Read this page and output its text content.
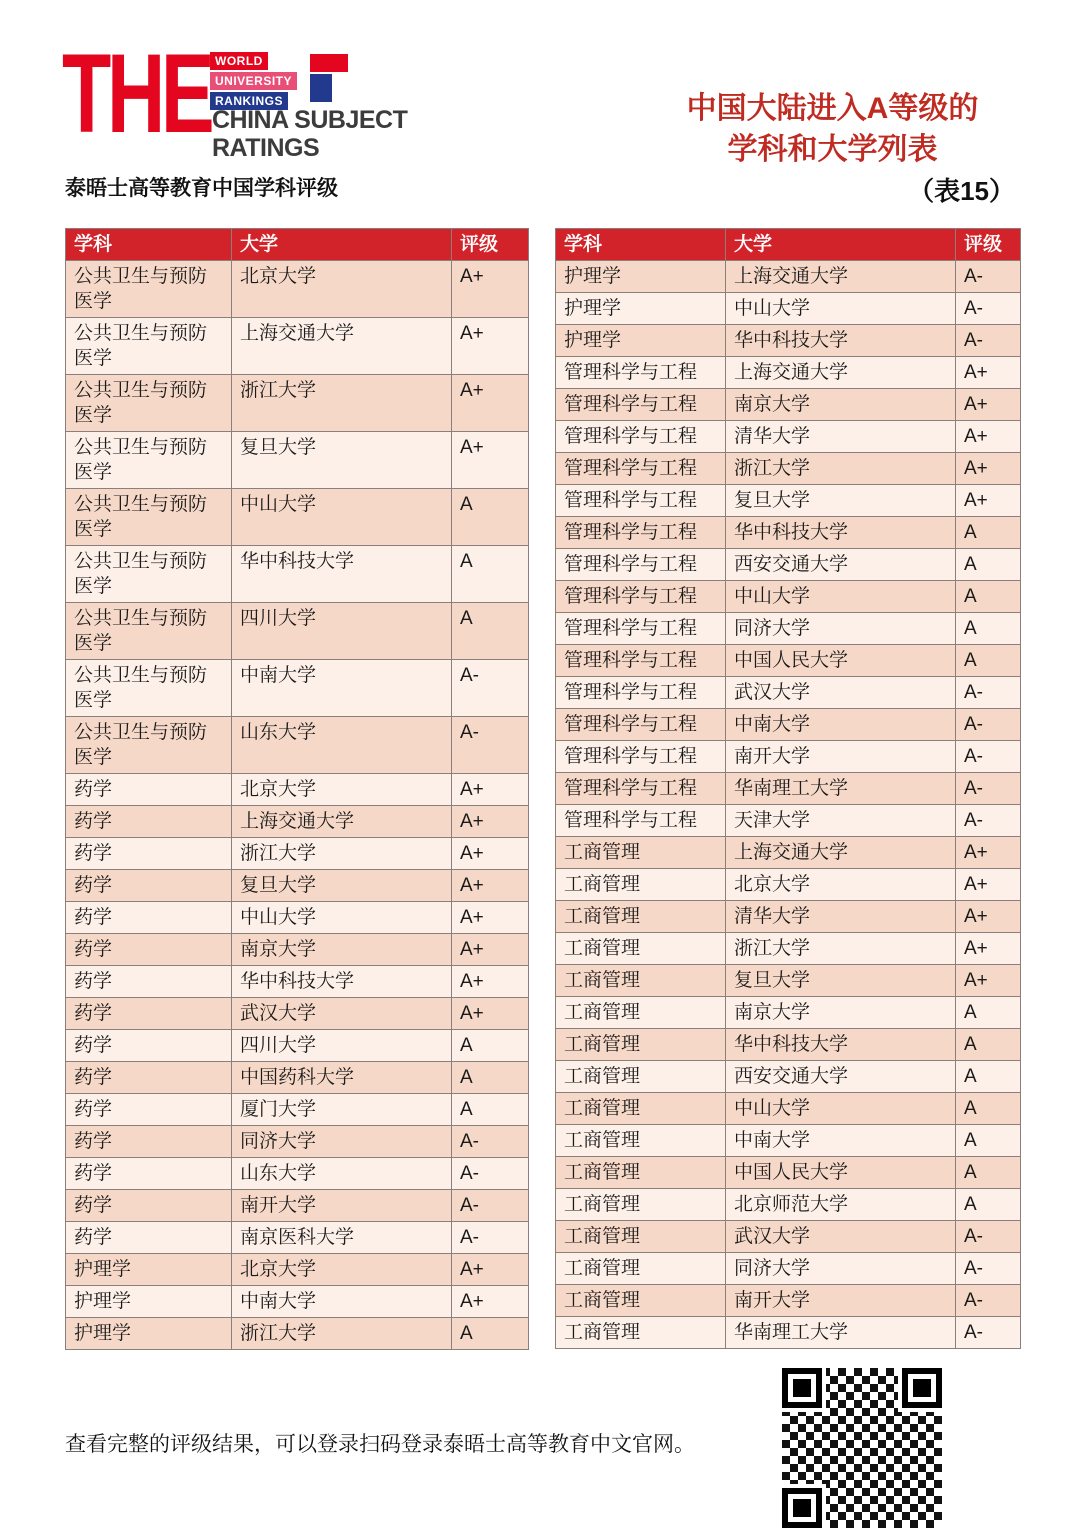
THE WORLD
UNIVERSITY
RANKINGS
CHINA SUBJECT
RATINGS
泰晤士高等教育中国学科评级
中国大陆进入A等级的
学科和大学列表
（表15）
学科	大学	评级
公共卫生与预防医学	北京大学	A+
公共卫生与预防医学	上海交通大学	A+
公共卫生与预防医学	浙江大学	A+
公共卫生与预防医学	复旦大学	A+
公共卫生与预防医学	中山大学	A
公共卫生与预防医学	华中科技大学	A
公共卫生与预防医学	四川大学	A
公共卫生与预防医学	中南大学	A-
公共卫生与预防医学	山东大学	A-
药学	北京大学	A+
药学	上海交通大学	A+
药学	浙江大学	A+
药学	复旦大学	A+
药学	中山大学	A+
药学	南京大学	A+
药学	华中科技大学	A+
药学	武汉大学	A+
药学	四川大学	A
药学	中国药科大学	A
药学	厦门大学	A
药学	同济大学	A-
药学	山东大学	A-
药学	南开大学	A-
药学	南京医科大学	A-
护理学	北京大学	A+
护理学	中南大学	A+
护理学	浙江大学	A
学科	大学	评级
护理学	上海交通大学	A-
护理学	中山大学	A-
护理学	华中科技大学	A-
管理科学与工程	上海交通大学	A+
管理科学与工程	南京大学	A+
管理科学与工程	清华大学	A+
管理科学与工程	浙江大学	A+
管理科学与工程	复旦大学	A+
管理科学与工程	华中科技大学	A
管理科学与工程	西安交通大学	A
管理科学与工程	中山大学	A
管理科学与工程	同济大学	A
管理科学与工程	中国人民大学	A
管理科学与工程	武汉大学	A-
管理科学与工程	中南大学	A-
管理科学与工程	南开大学	A-
管理科学与工程	华南理工大学	A-
管理科学与工程	天津大学	A-
工商管理	上海交通大学	A+
工商管理	北京大学	A+
工商管理	清华大学	A+
工商管理	浙江大学	A+
工商管理	复旦大学	A+
工商管理	南京大学	A
工商管理	华中科技大学	A
工商管理	西安交通大学	A
工商管理	中山大学	A
工商管理	中南大学	A
工商管理	中国人民大学	A
工商管理	北京师范大学	A
工商管理	武汉大学	A-
工商管理	同济大学	A-
工商管理	南开大学	A-
工商管理	华南理工大学	A-
查看完整的评级结果，可以登录扫码登录泰晤士高等教育中文官网。
